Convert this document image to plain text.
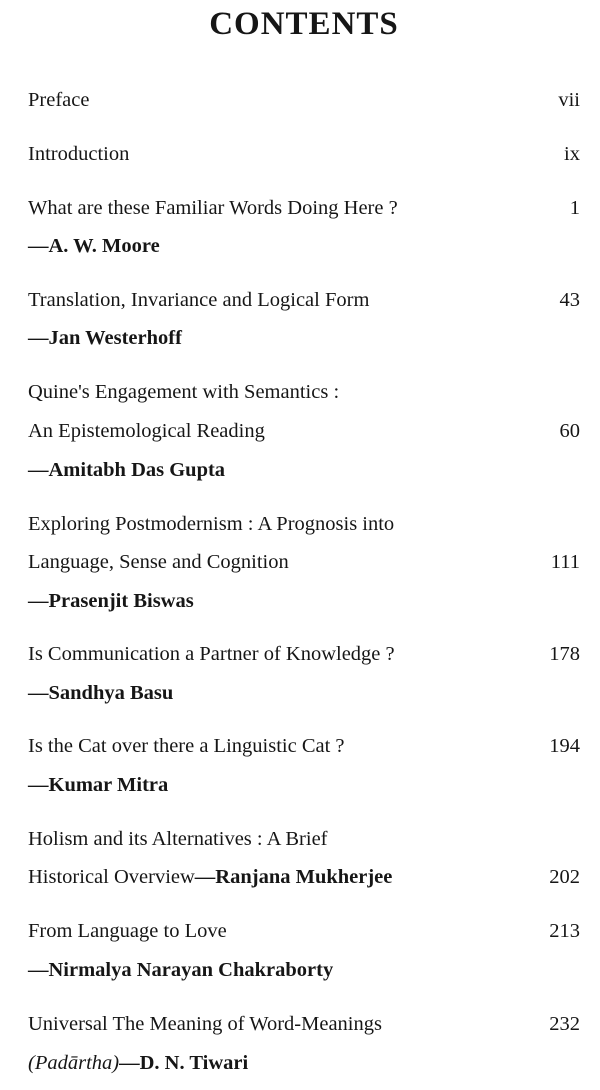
CONTENTS
Preface	vii
Introduction	ix
What are these Familiar Words Doing Here ?	1
—A. W. Moore
Translation, Invariance and Logical Form	43
—Jan Westerhoff
Quine's Engagement with Semantics :
An Epistemological Reading	60
—Amitabh Das Gupta
Exploring Postmodernism : A Prognosis into
Language, Sense and Cognition	111
—Prasenjit Biswas
Is Communication a Partner of Knowledge ?	178
—Sandhya Basu
Is the Cat over there a Linguistic Cat ?	194
—Kumar Mitra
Holism and its Alternatives : A Brief
Historical Overview—Ranjana Mukherjee	202
From Language to Love	213
—Nirmalya Narayan Chakraborty
Universal The Meaning of Word-Meanings	232
(Padārtha)—D. N. Tiwari
